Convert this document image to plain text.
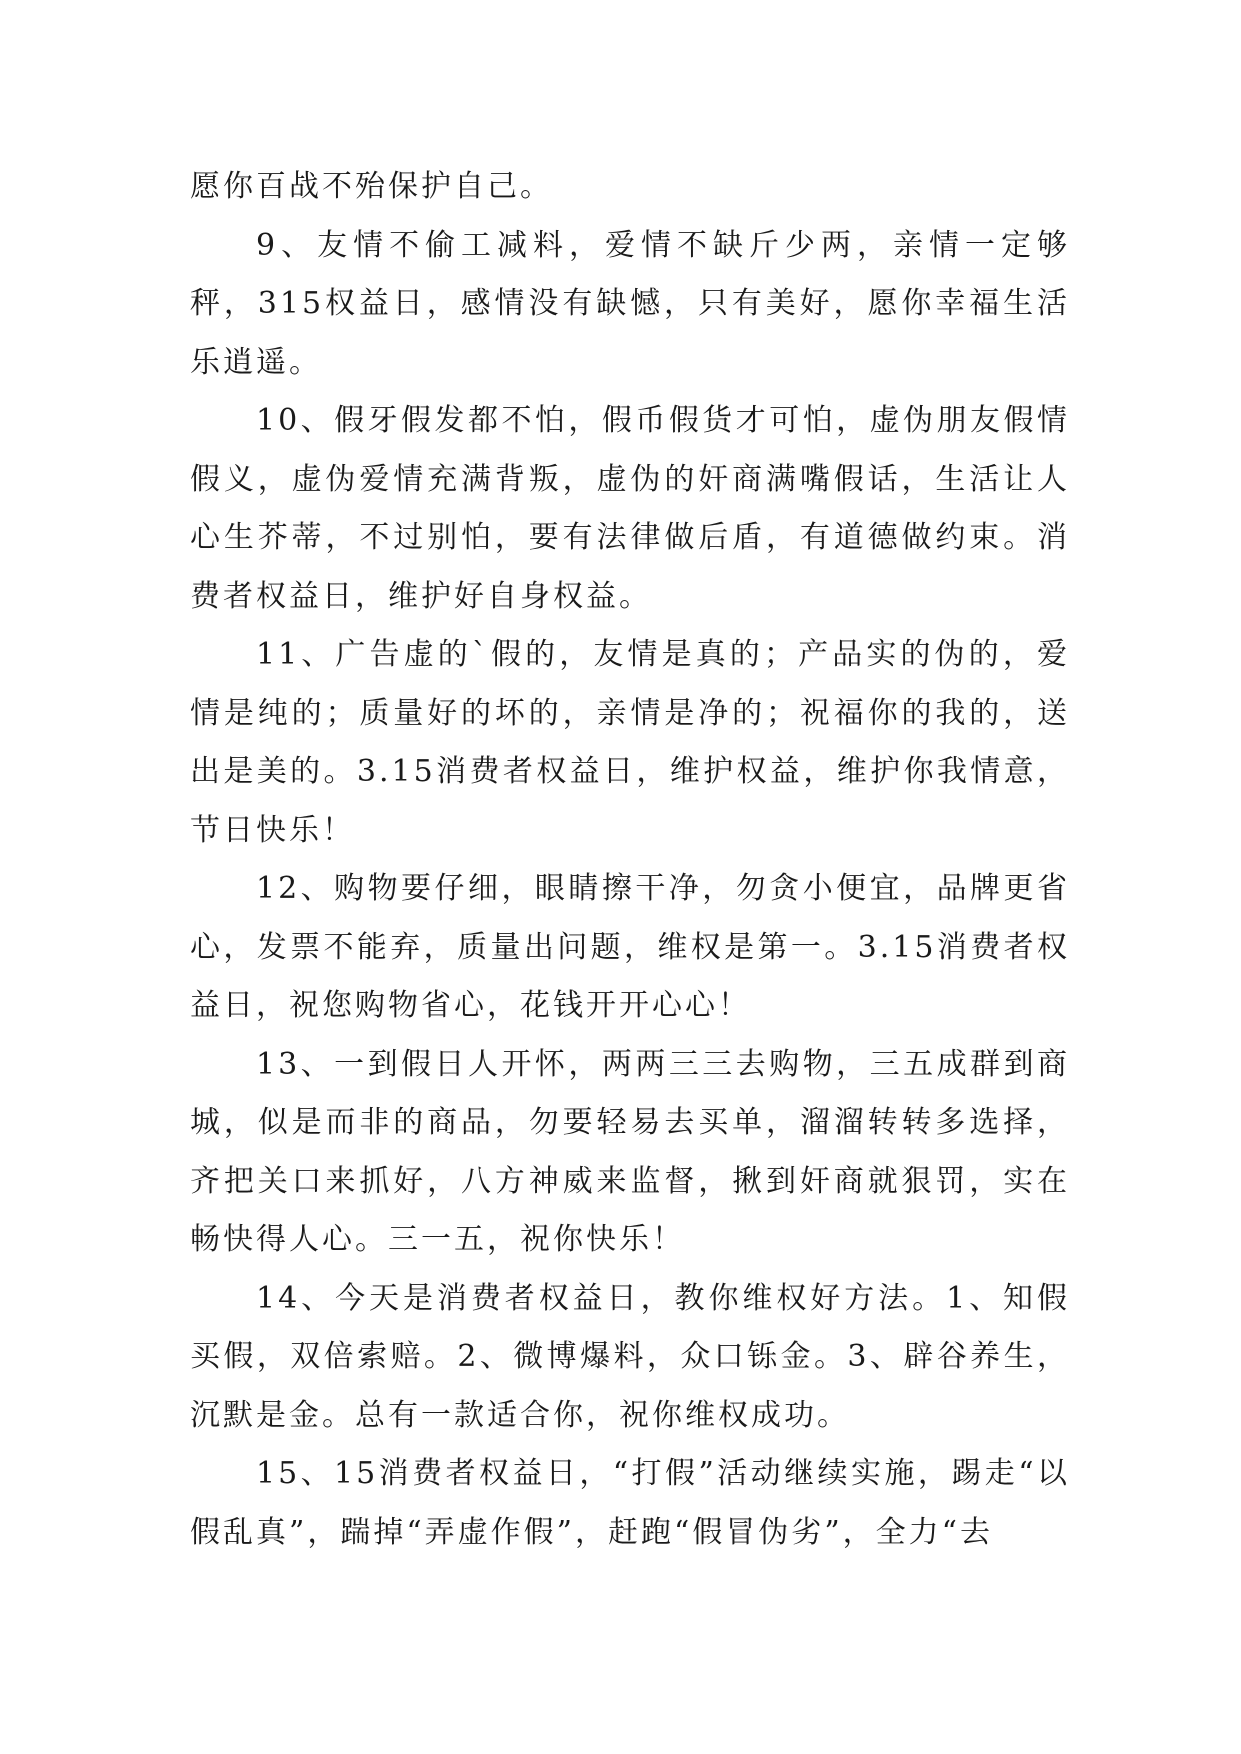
愿你百战不殆保护自己。

9、友情不偷工减料，爱情不缺斤少两，亲情一定够秤，315权益日，感情没有缺憾，只有美好，愿你幸福生活乐逍遥。

10、假牙假发都不怕，假币假货才可怕，虚伪朋友假情假义，虚伪爱情充满背叛，虚伪的奸商满嘴假话，生活让人心生芥蒂，不过别怕，要有法律做后盾，有道德做约束。消费者权益日，维护好自身权益。

11、广告虚的`假的，友情是真的；产品实的伪的，爱情是纯的；质量好的坏的，亲情是净的；祝福你的我的，送出是美的。3.15消费者权益日，维护权益，维护你我情意，节日快乐！

12、购物要仔细，眼睛擦干净，勿贪小便宜，品牌更省心，发票不能弃，质量出问题，维权是第一。3.15消费者权益日，祝您购物省心，花钱开开心心！

13、一到假日人开怀，两两三三去购物，三五成群到商城，似是而非的商品，勿要轻易去买单，溜溜转转多选择，齐把关口来抓好，八方神威来监督，揪到奸商就狠罚，实在畅快得人心。三一五，祝你快乐！

14、今天是消费者权益日，教你维权好方法。1、知假买假，双倍索赔。2、微博爆料，众口铄金。3、辟谷养生，沉默是金。总有一款适合你，祝你维权成功。

15、15消费者权益日，“打假”活动继续实施，踢走“以假乱真”，踹掉“弄虚作假”，赶跑“假冒伪劣”，全力“去
